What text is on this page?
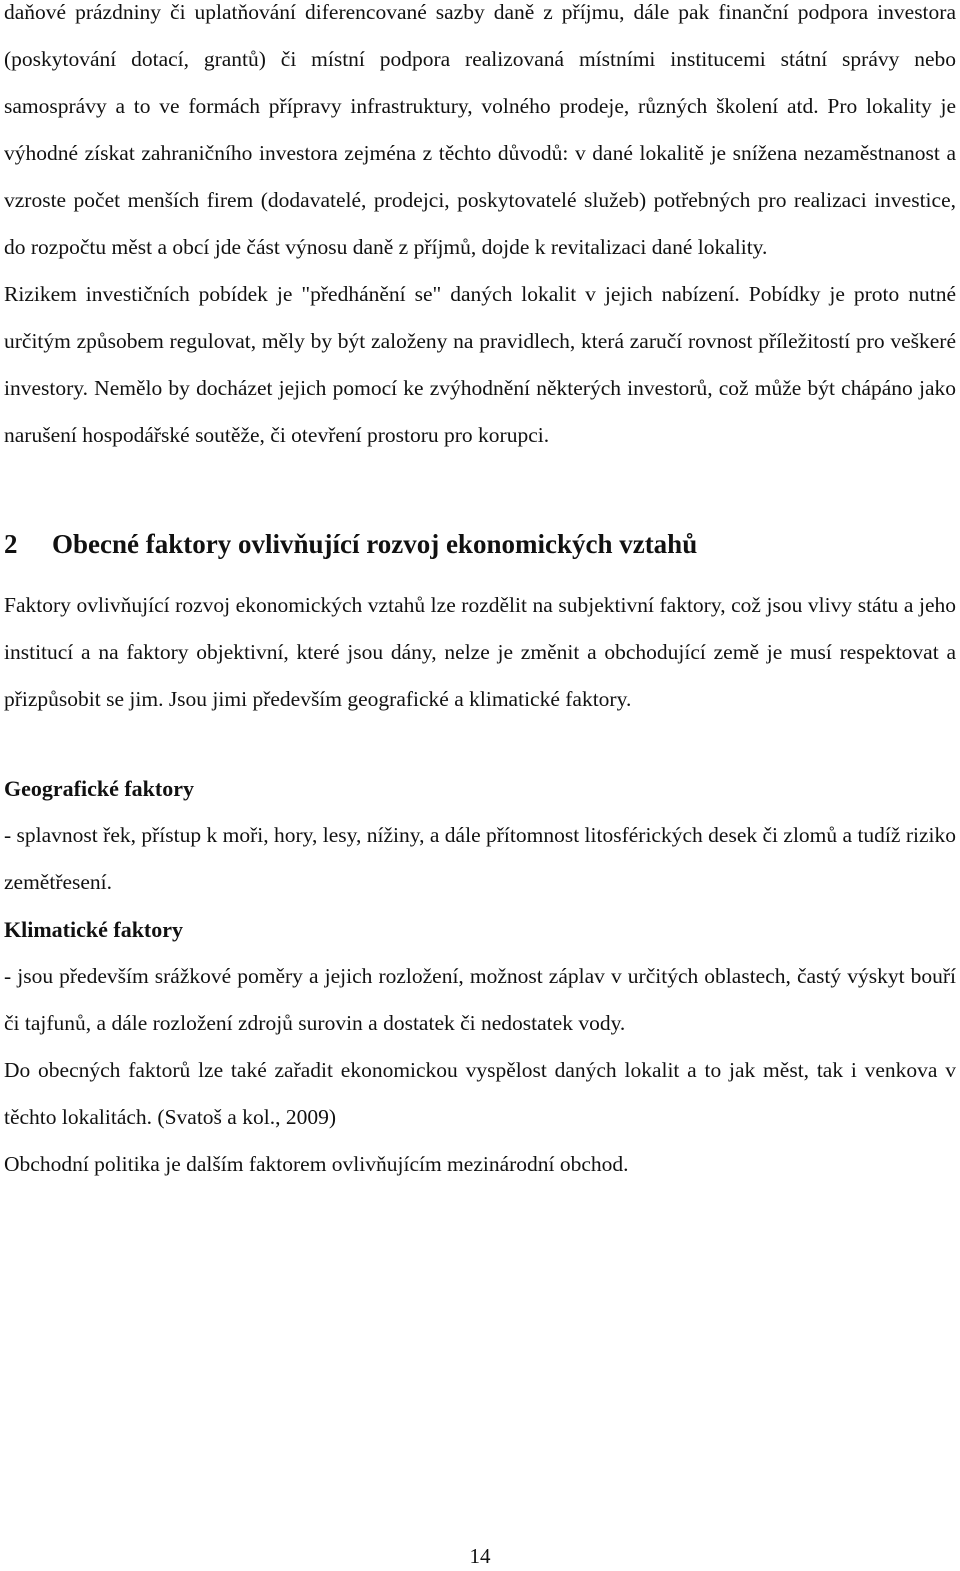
daňové prázdniny či uplatňování diferencované sazby daně z příjmu, dále pak finanční podpora investora (poskytování dotací, grantů) či místní podpora realizovaná místními institucemi státní správy nebo samosprávy a to ve formách přípravy infrastruktury, volného prodeje, různých školení atd. Pro lokality je výhodné získat zahraničního investora zejména z těchto důvodů: v dané lokalitě je snížena nezaměstnanost a vzroste počet menších firem (dodavatelé, prodejci, poskytovatelé služeb) potřebných pro realizaci investice, do rozpočtu měst a obcí jde část výnosu daně z příjmů, dojde k revitalizaci dané lokality.

Rizikem investičních pobídek je "předhánění se" daných lokalit v jejich nabízení. Pobídky je proto nutné určitým způsobem regulovat, měly by být založeny na pravidlech, která zaručí rovnost příležitostí pro veškeré investory. Nemělo by docházet jejich pomocí ke zvýhodnění některých investorů, což může být chápáno jako narušení hospodářské soutěže, či otevření prostoru pro korupci.

2 Obecné faktory ovlivňující rozvoj ekonomických vztahů

Faktory ovlivňující rozvoj ekonomických vztahů lze rozdělit na subjektivní faktory, což jsou vlivy státu a jeho institucí a na faktory objektivní, které jsou dány, nelze je změnit a obchodující země je musí respektovat a přizpůsobit se jim. Jsou jimi především geografické a klimatické faktory.

Geografické faktory

- splavnost řek, přístup k moři, hory, lesy, nížiny, a dále přítomnost litosférických desek či zlomů a tudíž riziko zemětřesení.

Klimatické faktory

- jsou především srážkové poměry a jejich rozložení, možnost záplav v určitých oblastech, častý výskyt bouří či tajfunů, a dále rozložení zdrojů surovin a dostatek či nedostatek vody.

Do obecných faktorů lze také zařadit ekonomickou vyspělost daných lokalit a to jak měst, tak i venkova v těchto lokalitách. (Svatoš a kol., 2009)

Obchodní politika je dalším faktorem ovlivňujícím mezinárodní obchod.

14
